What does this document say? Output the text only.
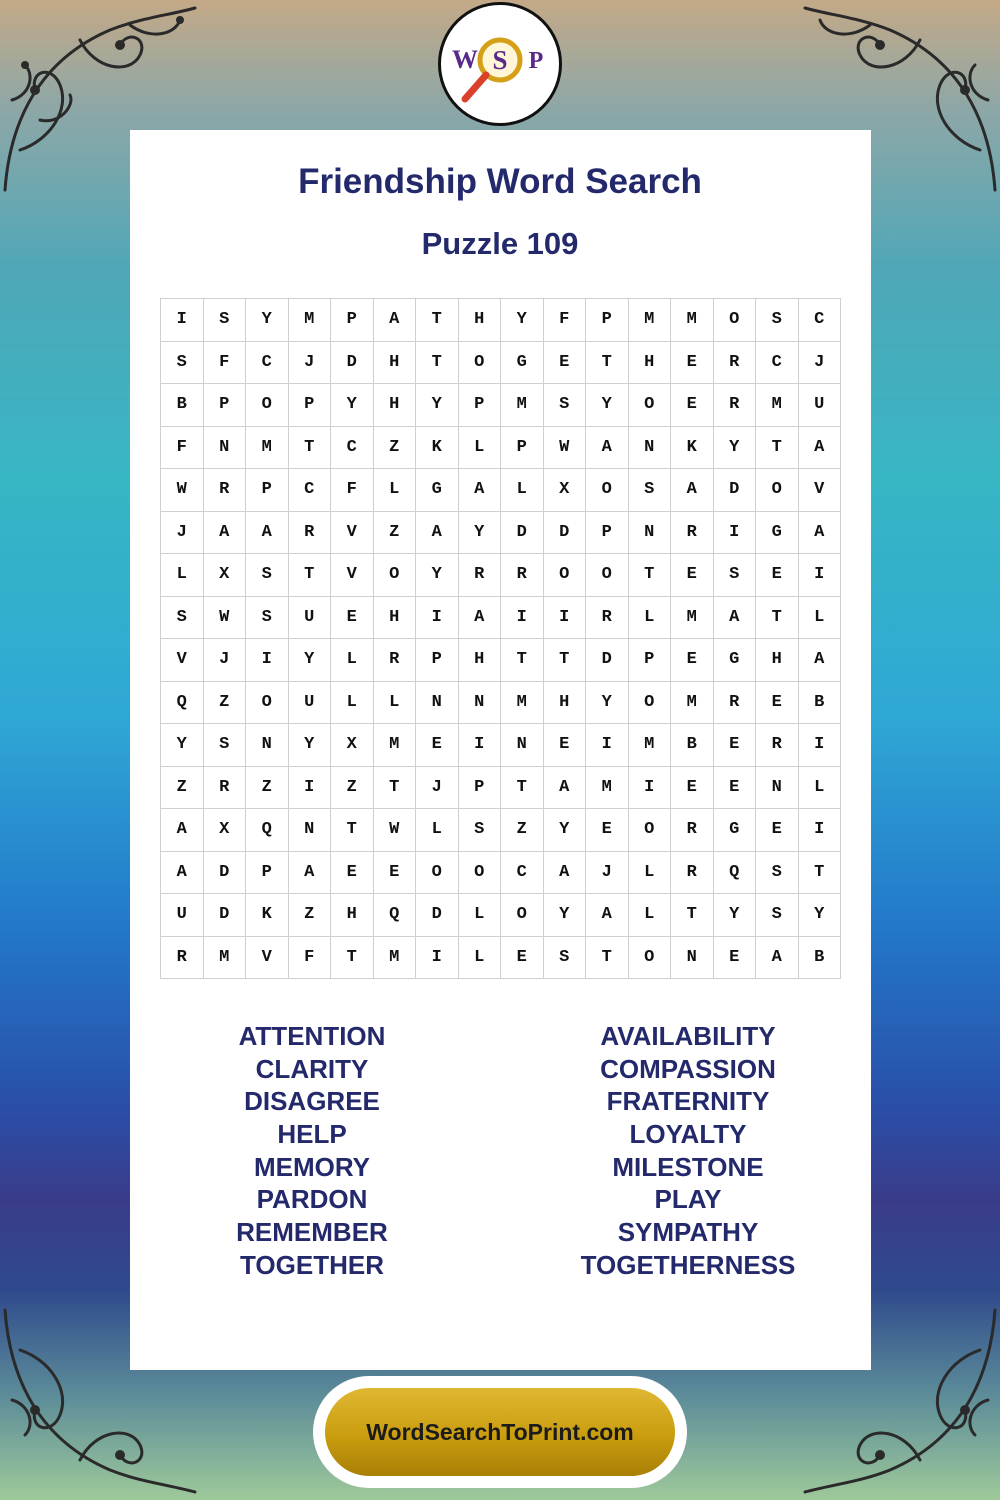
W S P
Friendship Word Search
Puzzle 109
I	S	Y	M	P	A	T	H	Y	F	P	M	M	O	S	C
S	F	C	J	D	H	T	O	G	E	T	H	E	R	C	J
B	P	O	P	Y	H	Y	P	M	S	Y	O	E	R	M	U
F	N	M	T	C	Z	K	L	P	W	A	N	K	Y	T	A
W	R	P	C	F	L	G	A	L	X	O	S	A	D	O	V
J	A	A	R	V	Z	A	Y	D	D	P	N	R	I	G	A
L	X	S	T	V	O	Y	R	R	O	O	T	E	S	E	I
S	W	S	U	E	H	I	A	I	I	R	L	M	A	T	L
V	J	I	Y	L	R	P	H	T	T	D	P	E	G	H	A
Q	Z	O	U	L	L	N	N	M	H	Y	O	M	R	E	B
Y	S	N	Y	X	M	E	I	N	E	I	M	B	E	R	I
Z	R	Z	I	Z	T	J	P	T	A	M	I	E	E	N	L
A	X	Q	N	T	W	L	S	Z	Y	E	O	R	G	E	I
A	D	P	A	E	E	O	O	C	A	J	L	R	Q	S	T
U	D	K	Z	H	Q	D	L	O	Y	A	L	T	Y	S	Y
R	M	V	F	T	M	I	L	E	S	T	O	N	E	A	B
ATTENTION
CLARITY
DISAGREE
HELP
MEMORY
PARDON
REMEMBER
TOGETHER
AVAILABILITY
COMPASSION
FRATERNITY
LOYALTY
MILESTONE
PLAY
SYMPATHY
TOGETHERNESS
WordSearchToPrint.com
